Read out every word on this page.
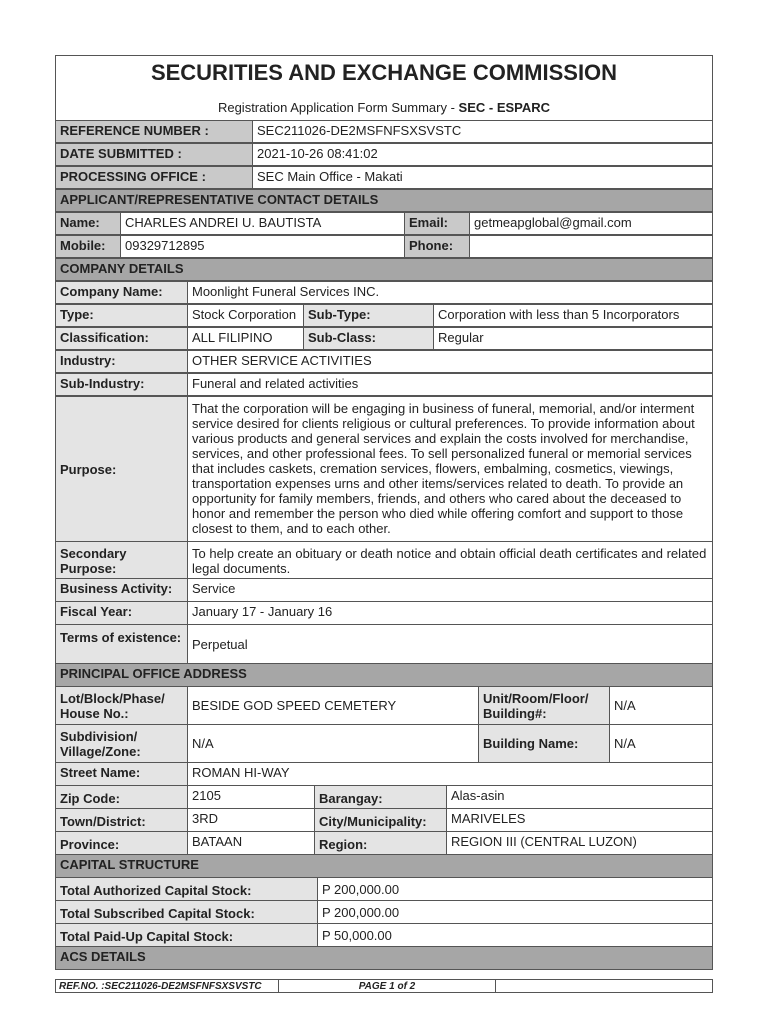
SECURITIES AND EXCHANGE COMMISSION
Registration Application Form Summary - SEC - ESPARC
REFERENCE NUMBER :	SEC211026-DE2MSFNFSXSVSTC
DATE SUBMITTED :	2021-10-26 08:41:02
PROCESSING OFFICE :	SEC Main Office - Makati
APPLICANT/REPRESENTATIVE CONTACT DETAILS
Name:	CHARLES ANDREI U. BAUTISTA	Email:	getmeapglobal@gmail.com
Mobile:	09329712895	Phone:
COMPANY DETAILS
Company Name:	Moonlight Funeral Services INC.
Type:	Stock Corporation Sub-Type:	Corporation with less than 5 Incorporators
Classification:	ALL FILIPINO	Sub-Class:	Regular
Industry:	OTHER SERVICE ACTIVITIES
Sub-Industry:	Funeral and related activities
Purpose:
That the corporation will be engaging in business of funeral, memorial, and/or interment service desired for clients religious or cultural preferences. To provide information about various products and general services and explain the costs involved for merchandise, services, and other professional fees. To sell personalized funeral or memorial services that includes caskets, cremation services, flowers, embalming, cosmetics, viewings, transportation expenses urns and other items/services related to death. To provide an opportunity for family members, friends, and others who cared about the deceased to honor and remember the person who died while offering comfort and support to those closest to them, and to each other.
Secondary Purpose:
To help create an obituary or death notice and obtain official death certificates and related legal documents.
Business Activity:	Service
Fiscal Year:	January 17 - January 16
Terms of existence: Perpetual
PRINCIPAL OFFICE ADDRESS
Lot/Block/Phase/ House No.:
BESIDE GOD SPEED CEMETERY	Unit/Room/Floor/ Building#:
N/A
Subdivision/ Village/Zone:
N/A	Building Name:	N/A
Street Name:	ROMAN HI-WAY
Zip Code:	2105	Barangay:	Alas-asin
Town/District:	3RD	City/Municipality:	MARIVELES
Province:	BATAAN	Region:	REGION III (CENTRAL LUZON)
CAPITAL STRUCTURE
Total Authorized Capital Stock:	P 200,000.00
Total Subscribed Capital Stock:	P 200,000.00
Total Paid-Up Capital Stock:	P 50,000.00
ACS DETAILS
REF.NO. :SEC211026-DE2MSFNFSXSVSTC	PAGE 1 of 2
